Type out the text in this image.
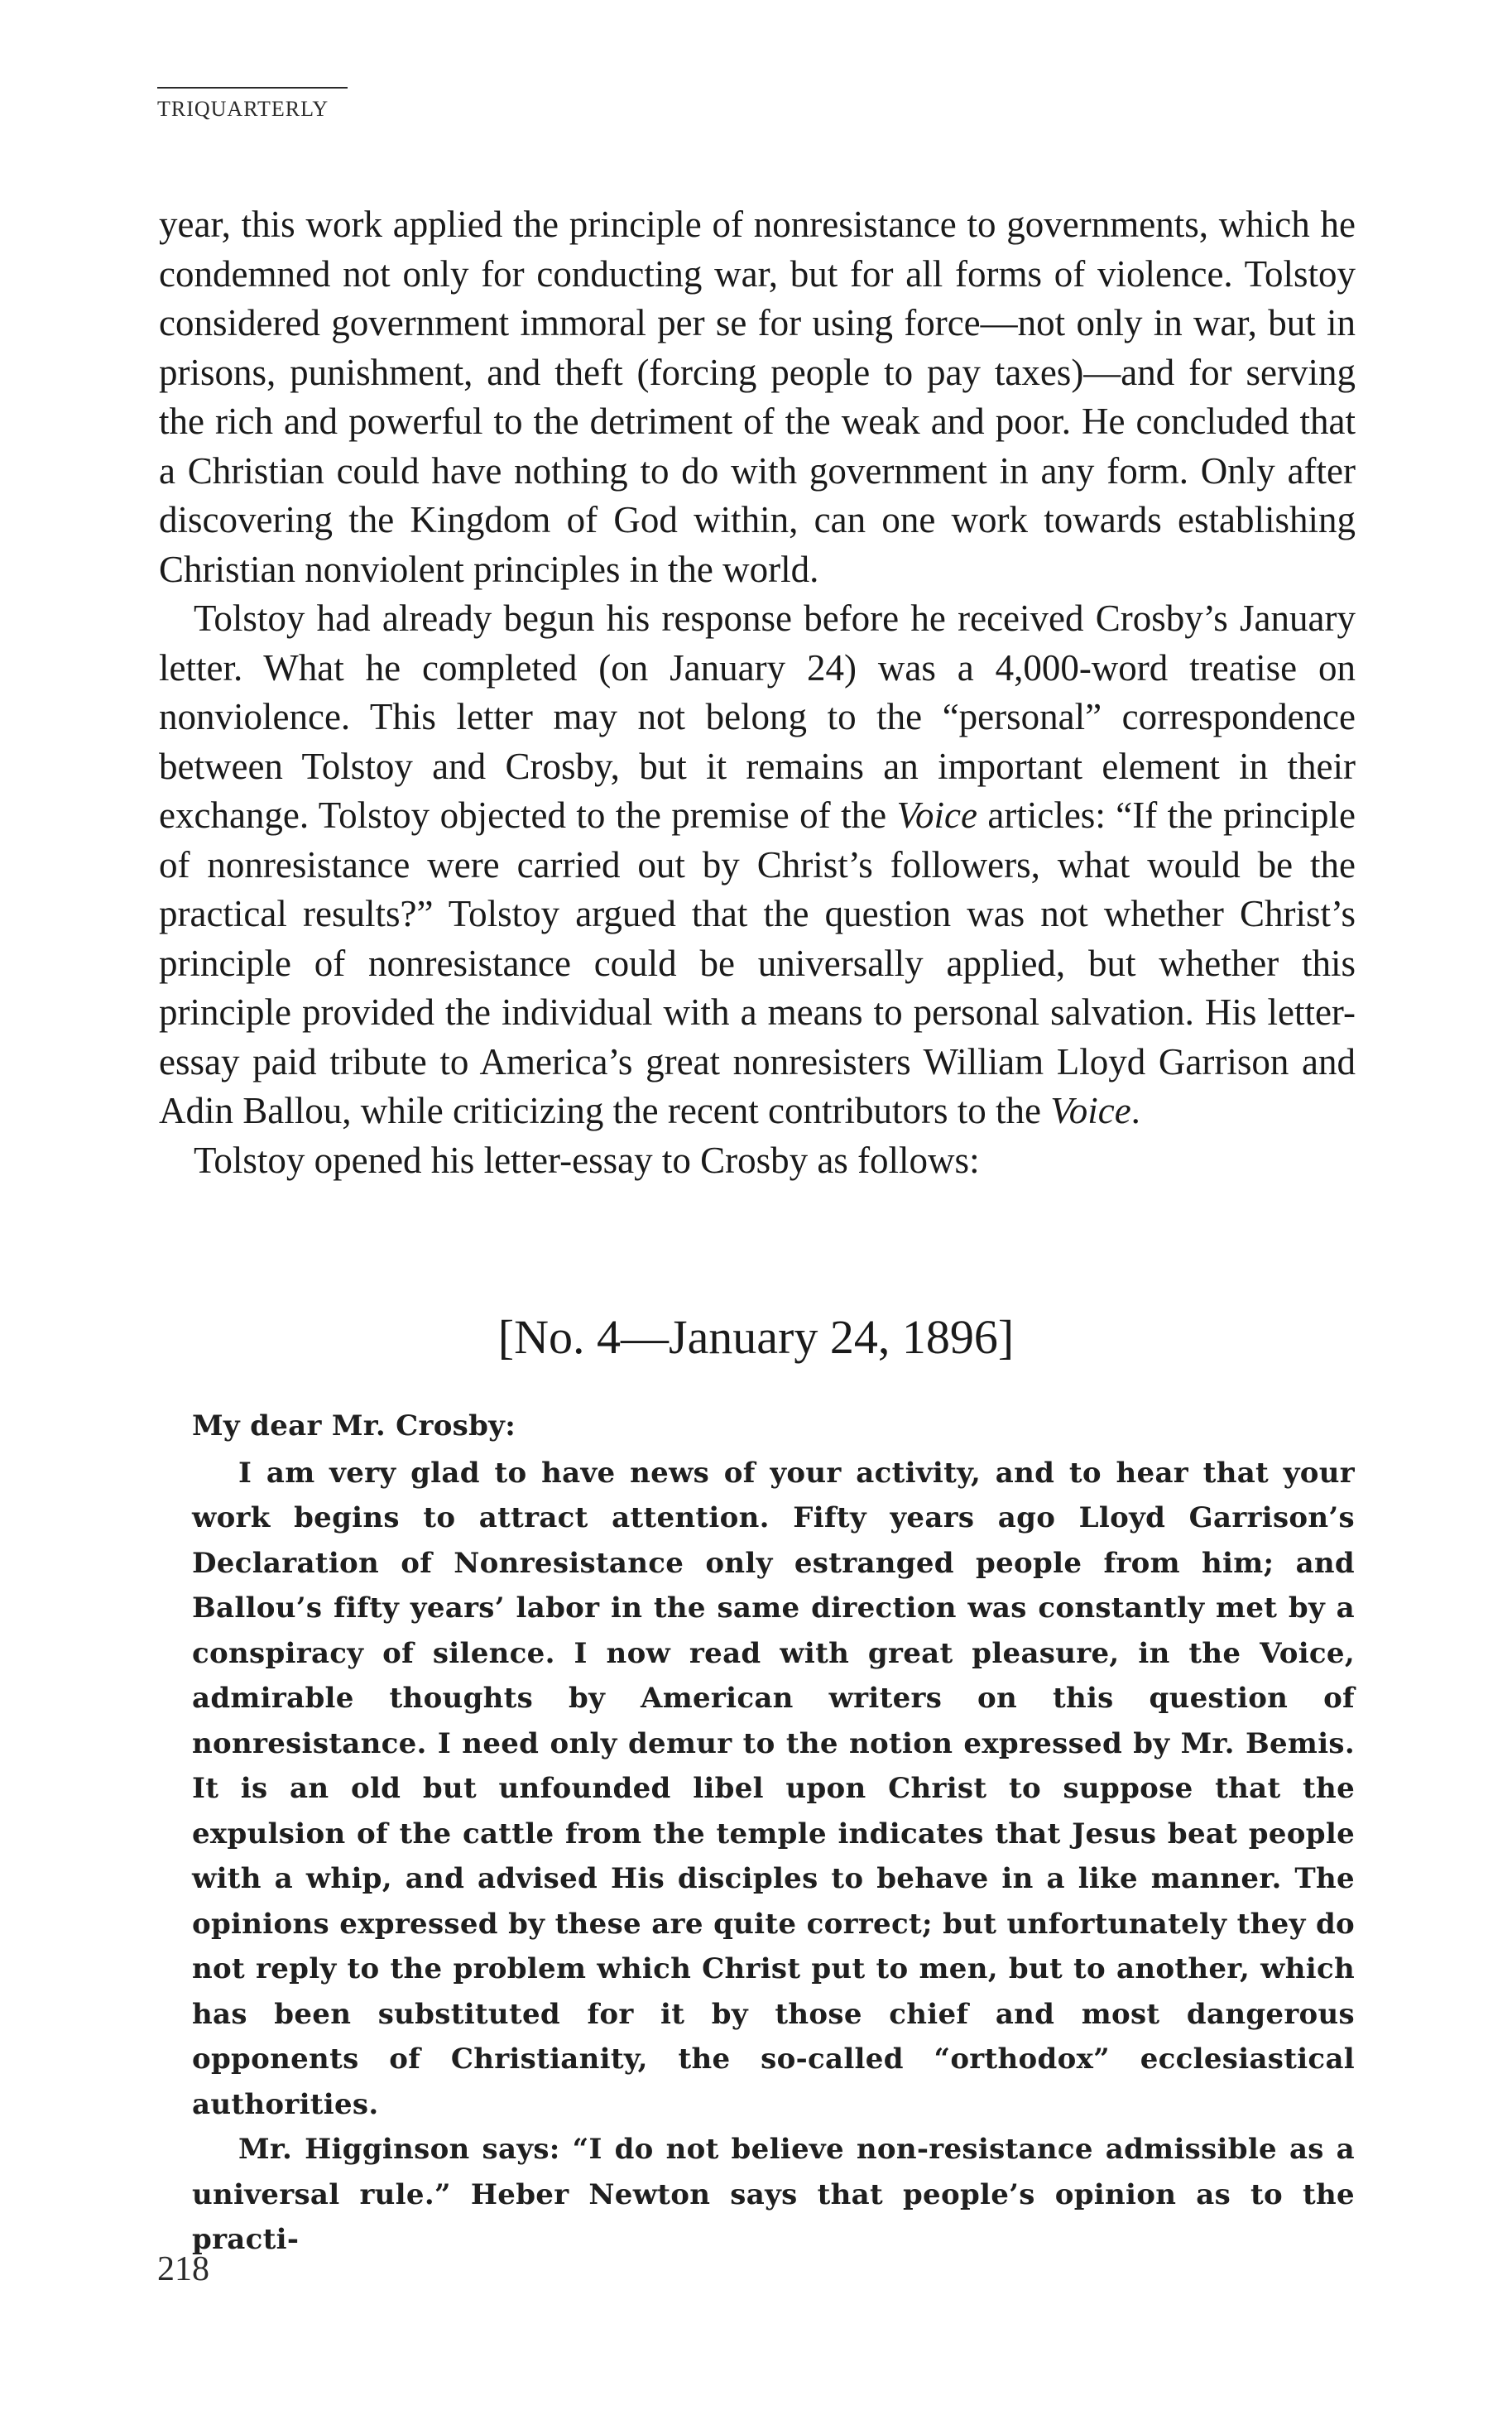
TRIQUARTERLY

year, this work applied the principle of nonresistance to governments, which he condemned not only for conducting war, but for all forms of violence. Tolstoy considered government immoral per se for using force—not only in war, but in prisons, punishment, and theft (forcing people to pay taxes)—and for serving the rich and powerful to the detriment of the weak and poor. He concluded that a Christian could have nothing to do with government in any form. Only after discovering the Kingdom of God within, can one work towards establishing Christian nonviolent principles in the world.

Tolstoy had already begun his response before he received Crosby’s January letter. What he completed (on January 24) was a 4,000-word treatise on nonviolence. This letter may not belong to the “personal” correspondence between Tolstoy and Crosby, but it remains an important element in their exchange. Tolstoy objected to the premise of the Voice articles: “If the principle of nonresistance were carried out by Christ’s followers, what would be the practical results?” Tolstoy argued that the question was not whether Christ’s principle of nonresistance could be universally applied, but whether this principle provided the individual with a means to personal salvation. His letter-essay paid tribute to America’s great nonresisters William Lloyd Garrison and Adin Ballou, while criticizing the recent contributors to the Voice.

Tolstoy opened his letter-essay to Crosby as follows:

[No. 4—January 24, 1896]

My dear Mr. Crosby:

I am very glad to have news of your activity, and to hear that your work begins to attract attention. Fifty years ago Lloyd Garrison’s Declaration of Nonresistance only estranged people from him; and Ballou’s fifty years’ labor in the same direction was constantly met by a conspiracy of silence. I now read with great pleasure, in the Voice, admirable thoughts by American writers on this question of nonresistance. I need only demur to the notion expressed by Mr. Bemis. It is an old but unfounded libel upon Christ to suppose that the expulsion of the cattle from the temple indicates that Jesus beat people with a whip, and advised His disciples to behave in a like manner. The opinions expressed by these are quite correct; but unfortunately they do not reply to the problem which Christ put to men, but to another, which has been substituted for it by those chief and most dangerous opponents of Christianity, the so-called “orthodox” ecclesiastical authorities.

Mr. Higginson says: “I do not believe non-resistance admissible as a universal rule.” Heber Newton says that people’s opinion as to the practi-

218
